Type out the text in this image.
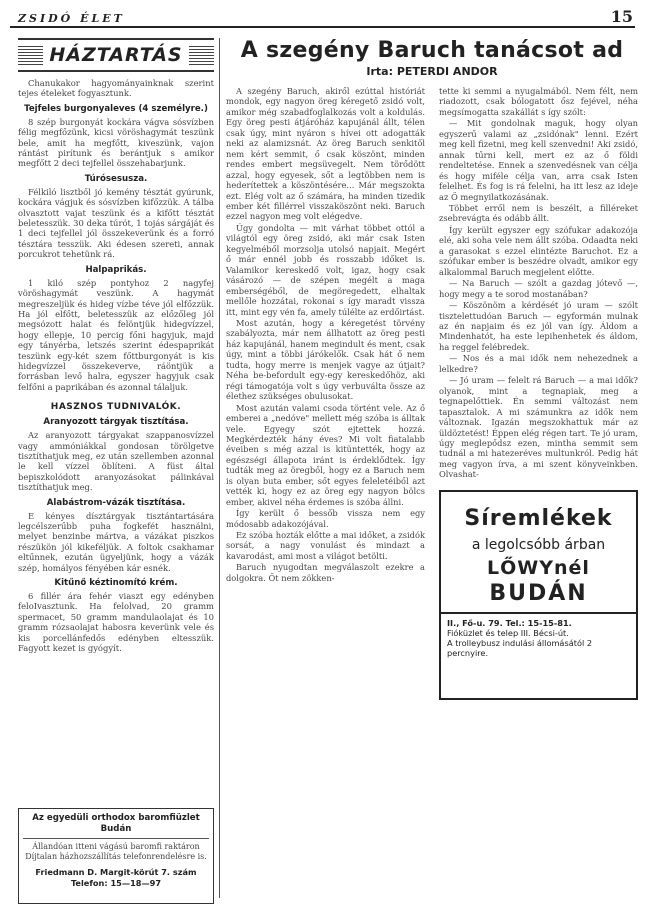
ZSIDÓ ÉLET	15
HÁZTARTÁS

Chanukakor hagyományainknak szerint tejes ételeket fogyasztunk.

Tejfeles burgonyaleves (4 személyre.)

8 szép burgonyát kockára vágva sósvízben félig megfőzünk, kicsi vöröshagymát teszünk bele, amit ha megfőtt, kiveszünk, vajon rántást pirítunk és berántjuk s amikor megfőtt 2 deci tejfellel összehabarjunk.

Túrósesusza.

Félkiló lisztből jó kemény tésztát gyúrunk, kockára vágjuk és sósvízben kifőzzük. A tálba olvasztott vajat teszünk és a kifőtt tésztát beletesszük. 30 deka túrót, 1 tojás sárgáját és 1 deci tejfellel jól összekeverünk és a forró tésztára tesszük. Aki édesen szereti, annak porcukrot tehetünk rá.

Halpaprikás.

1 kiló szép pontyhoz 2 nagyfej vöröshagymát veszünk. A hagymát megreszeljük és hideg vízbe téve jól elfőzzük. Ha jól elfőtt, beletesszük az előzőleg jól megsózott halat és felöntjük hidegvízzel, hogy ellepje, 10 percig főni hagyjuk, majd egy tányérba, letszés szerint édespaprikát teszünk egy-két szem főttburgonyát is kis hidegvízzel összekeverve, ráöntjük a forrásban levő halra, egyszer hagyjuk csak felfőni a paprikában és azonnal tálaljuk.

HASZNOS TUDNIVALÓK.
Aranyozott tárgyak tisztítása.

Az aranyozott tárgyakat szappanosvízzel vagy ammóniákkal gondosan törölgetve tisztíthatjuk meg, ez után szellemben azonnal le kell vízzel öblíteni. A füst által bepiszkolódott aranyozásokat pálinkával tisztíthatjuk meg.

Alabástrom-vázák tisztítása.

E kényes dísztárgyak tisztántartására legcélszerűbb puha fogkefét használni, melyet benzinbe mártva, a vázákat piszkos részükön jól kikeféljük. A foltok csakhamar eltűnnek, ezután ügyeljünk, hogy a vázák szép, homályos fényében kár esnék.

Kitűnő kéztinomító krém.

6 fillér ára fehér viaszt egy edényben feloIvasztunk. Ha felolvad, 20 gramm spermacet, 50 gramm mandulaolajat és 10 gramm rózsaolajat habosra keverünk vele és kis porcellánfedős edényben eltesszük. Fagyott kezet is gyógyít.

Az egyedüli orthodox baromfiüzlet Budán
Állandóan itteni vágású baromfi raktáron Díjtalan házhozszállítás telefonrendelésre is.
Friedmann D. Margit-körút 7. szám Telefon: 15—18—97
A szegény Baruch tanácsot ad
Irta: PETERDI ANDOR

A szegény Baruch, akiről ezúttal históriát mondok, egy nagyon öreg kéregető zsidó volt, amikor még szabadfoglalkozás volt a koldulás. Egy öreg pesti átjáróház kapujánál állt, télen csak úgy, mint nyáron s hívei ott adogatták neki az alamizsnát. Az öreg Baruch senkitől nem kért semmit, ő csak köszönt, minden rendes embert megsüvegelt. Nem törődött azzal, hogy egyesek, sőt a legtöbben nem is hederítettek a köszöntésére... Már megszokta ezt. Elég volt az ő számára, ha minden tizedik ember két fillérrel visszaköszönt neki. Baruch ezzel nagyon meg volt elégedve.

Úgy gondolta — mit várhat többet ottól a világtól egy öreg zsidó, aki már csak Isten kegyelméből morzsolja utolsó napjait. Megért ő már ennél jobb és rosszabb időket is. Valamikor kereskedő volt, igaz, hogy csak vásározó — de szépen megélt a maga emberségéből, de megöregedett, elhaltak mellőle hozzátai, rokonai s így maradt vissza itt, mint egy vén fa, amely túlélte az erdőirtást.

Most azután, hogy a kéregetést törvény szabályozta, már nem állhatott az öreg pesti ház kapujánál, hanem megindult és ment, csak úgy, mint a többi járókelők. Csak hát ő nem tudta, hogy merre is menjek vagye az útjait? Néha be-befordult egy-egy kereskedőhöz, aki régi támogatója volt s úgy verbuválta össze az élethez szükséges obulusokat.

Most azután valami csoda történt vele. Az ő emberei a „nedóve" mellett még szóba is álltak vele. Egyegy szót ejtettek hozzá. Megkérdezték hány éves? Mi volt fiatalabb éveiben s még azzal is kitüntették, hogy az egészségi állapota iránt is érdeklődtek. Így tudták meg az öregből, hogy ez a Baruch nem is olyan buta ember, sőt egyes feleletéiből azt vették ki, hogy ez az öreg egy nagyon bölcs ember, akivel néha érdemes is szóba állni.

Így került ő bessőb vissza nem egy módosabb adakozójával.

Ez szóba hozták előtte a mai időket, a zsidók sorsát, a nagy vonulást és mindazt a kavarodást, ami most a világot betölti.

Baruch nyugodtan megválaszolt ezekre a dolgokra. Őt nem zökken-

tette ki semmi a nyugalmából. Nem félt, nem riadozott, csak bólogatott ősz fejével, néha megsímogatta szakállát s így szólt:

— Mit gondolnak maguk, hogy olyan egyszerű valami az „zsidónak" lenni. Ezért meg kell fizetni, meg kell szenvedni! Aki zsidó, annak tűrni kell, mert ez az ő földi rendeltetése. Ennek a szenvedésnek van célja és hogy miféle célja van, arra csak Isten felelhet. És fog is rá felelni, ha itt lesz az ideje az Ő megnyilatkozásának.

Többet erről nem is beszélt, a filléreket zsebrevágta és odább állt.

Így került egyszer egy szófukar adakozója elé, aki soha vele nem állt szóba. Odaadta neki a garasokat s ezzel elintézte Baruchot. Ez a szófukar ember is beszédre olvadt, amikor egy alkalommal Baruch megjelent előtte.

— Na Baruch — szólt a gazdag jótevő —, hogy megy a te sorod mostanában?

— Köszönöm a kérdését jó uram — szólt tisztelettudóan Baruch — egyformán mulnak az én napjaim és ez jól van így. Áldom a Mindenhatót, ha este lepihenhetek és áldom, ha reggel felébredek.

— Nos és a mai idők nem nehezednek a lelkedre?

— Jó uram — felelt rá Baruch — a mai idők? olyanok, mint a tegnapiak, meg a tegnapelőttiek. Én semmi változást nem tapasztalok. A mi számunkra az idők nem változnak. Igazán megszokhattuk már az üldöztetést! Éppen elég régen tart. Te jó uram, úgy meglepődsz ezen, mintha semmit sem tudnál a mi hatezeréves multunkról. Pedig hát meg vagyon írva, a mi szent könyveinkben. Olvashat-

Síremlékek
a legolcsóbb árban
LŐWYnél
BUDÁN
II., Fő-u. 79. Tel.: 15-15-81.
Fióküzlet és telep III. Bécsi-út.
A trolleybusz indulási állomásától 2 percnyire.
